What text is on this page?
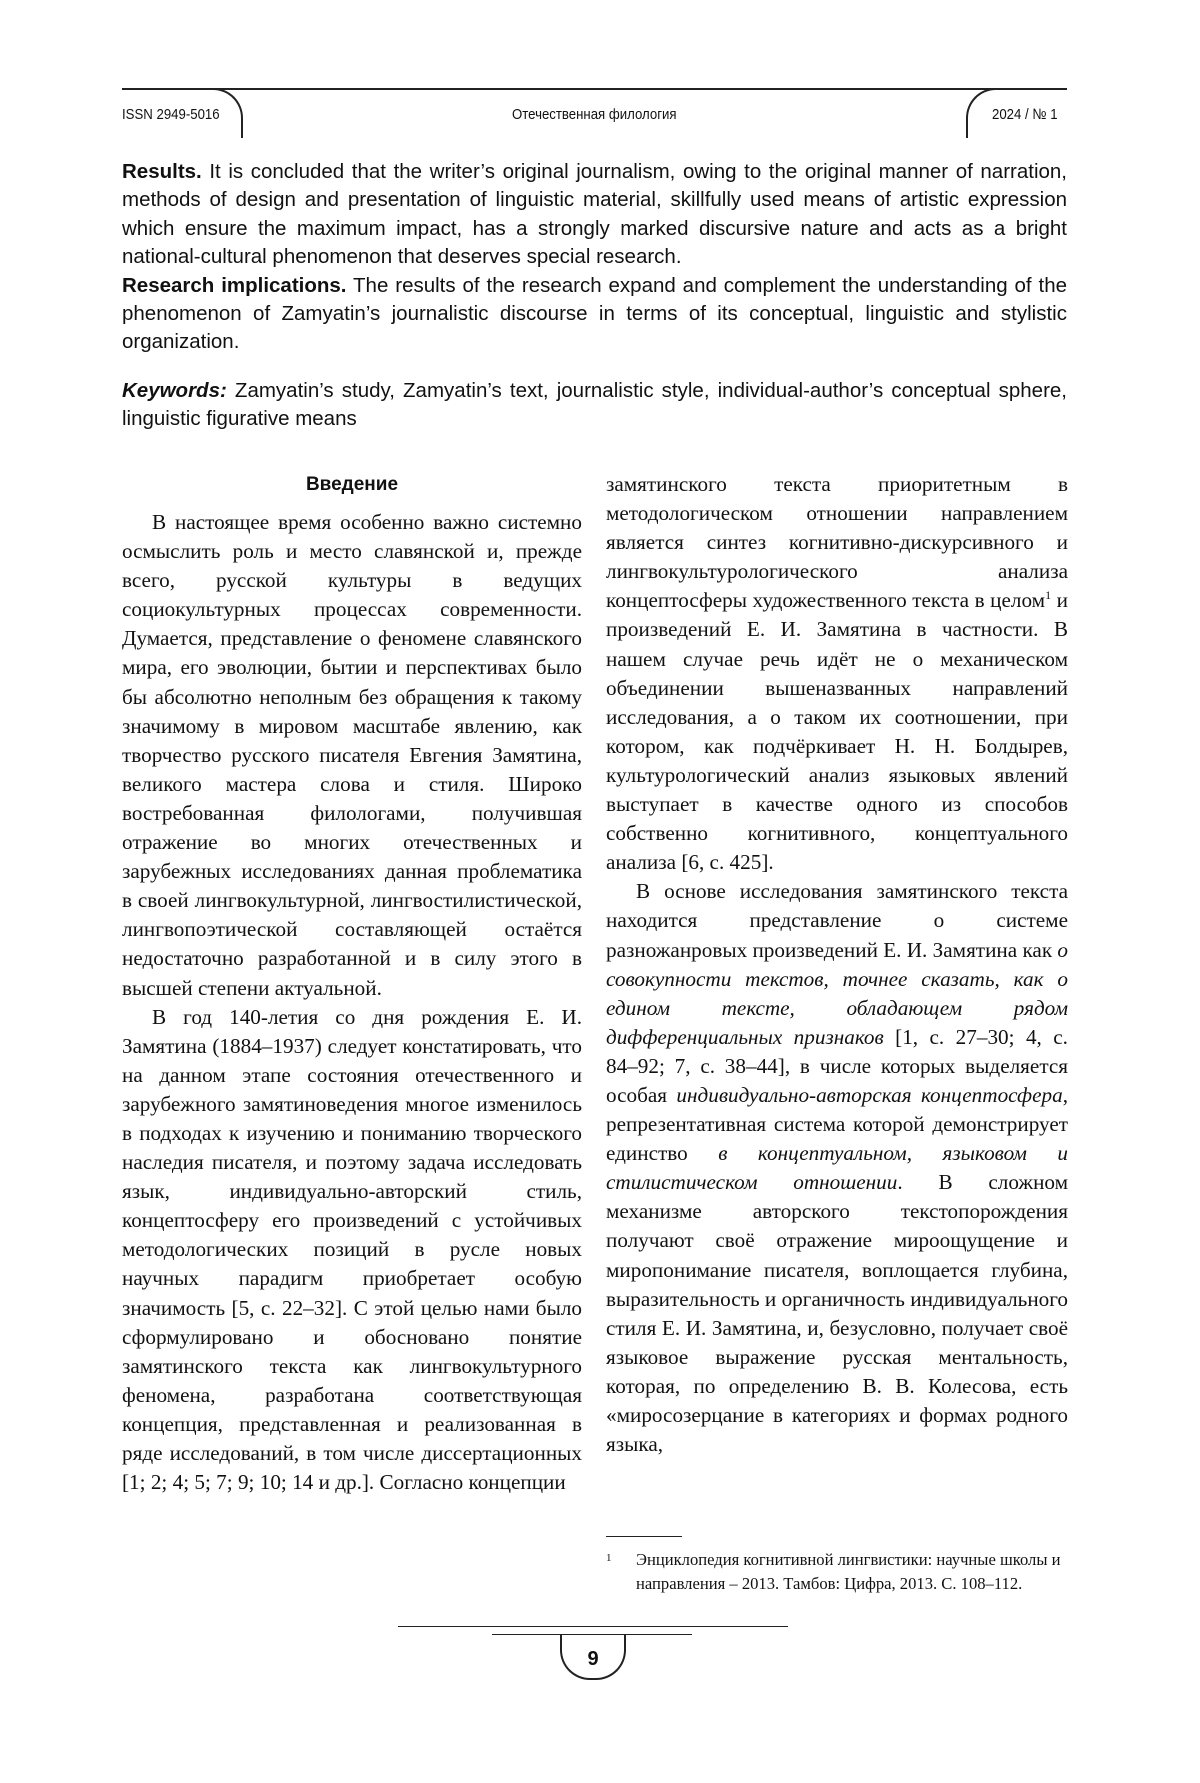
ISSN 2949-5016	Отечественная филология	2024 / № 1
Results. It is concluded that the writer’s original journalism, owing to the original manner of narration, methods of design and presentation of linguistic material, skillfully used means of artistic expression which ensure the maximum impact, has a strongly marked discursive nature and acts as a bright national-cultural phenomenon that deserves special research.
Research implications. The results of the research expand and complement the understanding of the phenomenon of Zamyatin’s journalistic discourse in terms of its conceptual, linguistic and stylistic organization.
Keywords: Zamyatin’s study, Zamyatin’s text, journalistic style, individual-author’s conceptual sphere, linguistic figurative means
Введение

В настоящее время особенно важно системно осмыслить роль и место славянской и, прежде всего, русской культуры в ведущих социокультурных процессах современности. Думается, представление о феномене славянского мира, его эволюции, бытии и перспективах было бы абсолютно неполным без обращения к такому значимому в мировом масштабе явлению, как творчество русского писателя Евгения Замятина, великого мастера слова и стиля. Широко востребованная филологами, получившая отражение во многих отечественных и зарубежных исследованиях данная проблематика в своей лингвокультурной, лингвостилистической, лингвопоэтической составляющей остаётся недостаточно разработанной и в силу этого в высшей степени актуальной.

В год 140-летия со дня рождения Е. И. Замятина (1884–1937) следует констатировать, что на данном этапе состояния отечественного и зарубежного замятиноведения многое изменилось в подходах к изучению и пониманию творческого наследия писателя, и поэтому задача исследовать язык, индивидуально-авторский стиль, концептосферу его произведений с устойчивых методологических позиций в русле новых научных парадигм приобретает особую значимость [5, с. 22–32]. С этой целью нами было сформулировано и обосновано понятие замятинского текста как лингвокультурного феномена, разработана соответствующая концепция, представленная и реализованная в ряде исследований, в том числе диссертационных [1; 2; 4; 5; 7; 9; 10; 14 и др.]. Согласно концепции

замятинского текста приоритетным в методологическом отношении направлением является синтез когнитивно-дискурсивного и лингвокультурологического анализа концептосферы художественного текста в целом$^1$ и произведений Е. И. Замятина в частности. В нашем случае речь идёт не о механическом объединении вышеназванных направлений исследования, а о таком их соотношении, при котором, как подчёркивает Н. Н. Болдырев, культурологический анализ языковых явлений выступает в качестве одного из способов собственно когнитивного, концептуального анализа [6, с. 425].

В основе исследования замятинского текста находится представление о системе разножанровых произведений Е. И. Замятина как о совокупности текстов, точнее сказать, как о едином тексте, обладающем рядом дифференциальных признаков [1, с. 27–30; 4, с. 84–92; 7, с. 38–44], в числе которых выделяется особая индивидуально-авторская концептосфера, репрезентативная система которой демонстрирует единство в концептуальном, языковом и стилистическом отношении. В сложном механизме авторского текстопорождения получают своё отражение мироощущение и миропонимание писателя, воплощается глубина, выразительность и органичность индивидуального стиля Е. И. Замятина, и, безусловно, получает своё языковое выражение русская ментальность, которая, по определению В. В. Колесова, есть «миросозерцание в категориях и формах родного языка,

1 Энциклопедия когнитивной лингвистики: научные школы и направления – 2013. Тамбов: Цифра, 2013. С. 108–112.
9
